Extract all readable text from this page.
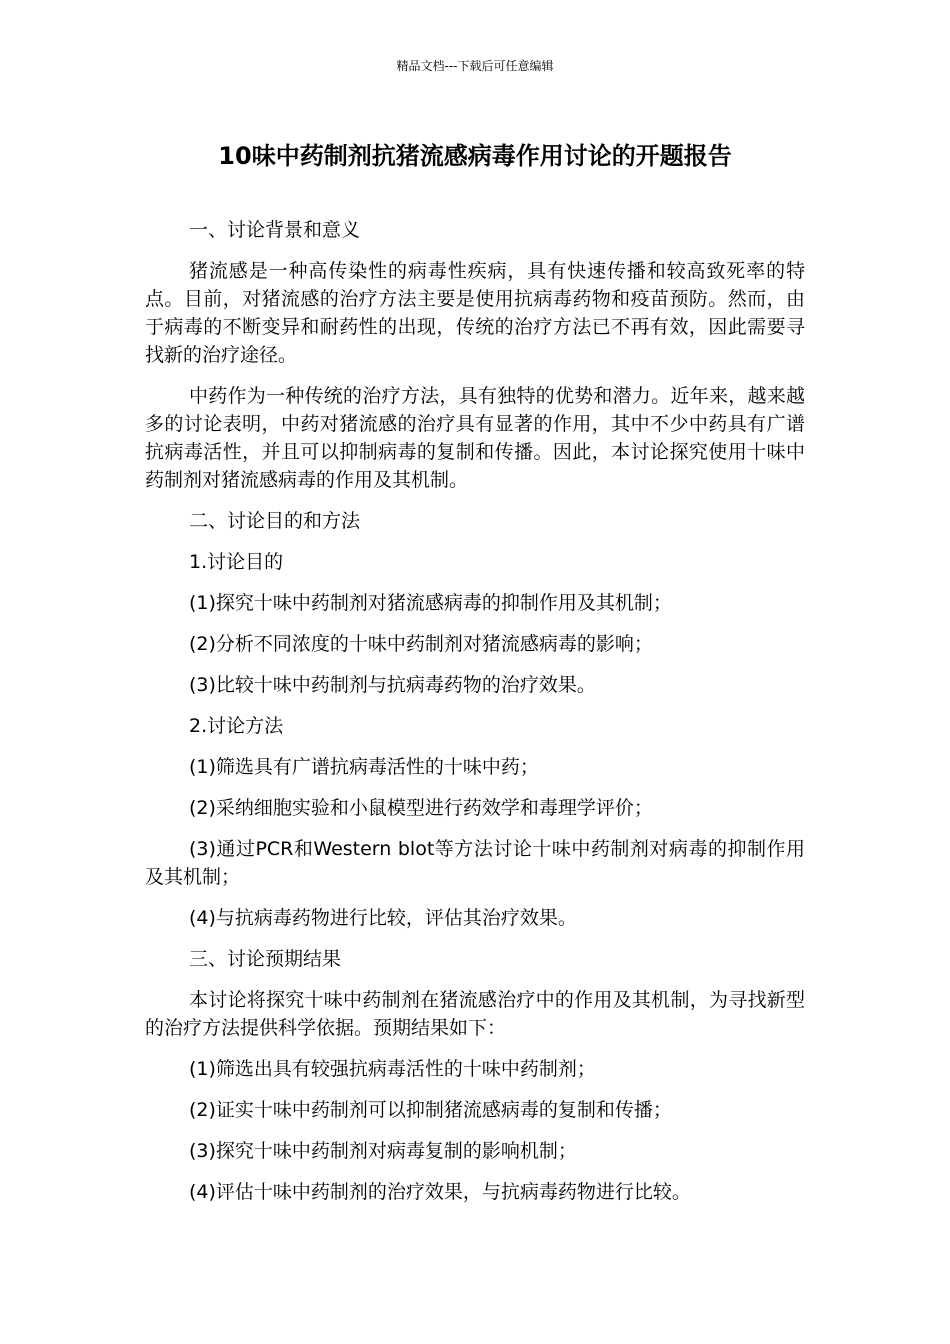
精品文档---下载后可任意编辑
10味中药制剂抗猪流感病毒作用讨论的开题报告

一、讨论背景和意义

猪流感是一种高传染性的病毒性疾病，具有快速传播和较高致死率的特点。目前，对猪流感的治疗方法主要是使用抗病毒药物和疫苗预防。然而，由于病毒的不断变异和耐药性的出现，传统的治疗方法已不再有效，因此需要寻找新的治疗途径。

中药作为一种传统的治疗方法，具有独特的优势和潜力。近年来，越来越多的讨论表明，中药对猪流感的治疗具有显著的作用，其中不少中药具有广谱抗病毒活性，并且可以抑制病毒的复制和传播。因此，本讨论探究使用十味中药制剂对猪流感病毒的作用及其机制。

二、讨论目的和方法

1.讨论目的

(1)探究十味中药制剂对猪流感病毒的抑制作用及其机制；

(2)分析不同浓度的十味中药制剂对猪流感病毒的影响；

(3)比较十味中药制剂与抗病毒药物的治疗效果。

2.讨论方法

(1)筛选具有广谱抗病毒活性的十味中药；

(2)采纳细胞实验和小鼠模型进行药效学和毒理学评价；

(3)通过PCR和Western blot等方法讨论十味中药制剂对病毒的抑制作用及其机制；

(4)与抗病毒药物进行比较，评估其治疗效果。

三、讨论预期结果

本讨论将探究十味中药制剂在猪流感治疗中的作用及其机制，为寻找新型的治疗方法提供科学依据。预期结果如下：

(1)筛选出具有较强抗病毒活性的十味中药制剂；

(2)证实十味中药制剂可以抑制猪流感病毒的复制和传播；

(3)探究十味中药制剂对病毒复制的影响机制；

(4)评估十味中药制剂的治疗效果，与抗病毒药物进行比较。
